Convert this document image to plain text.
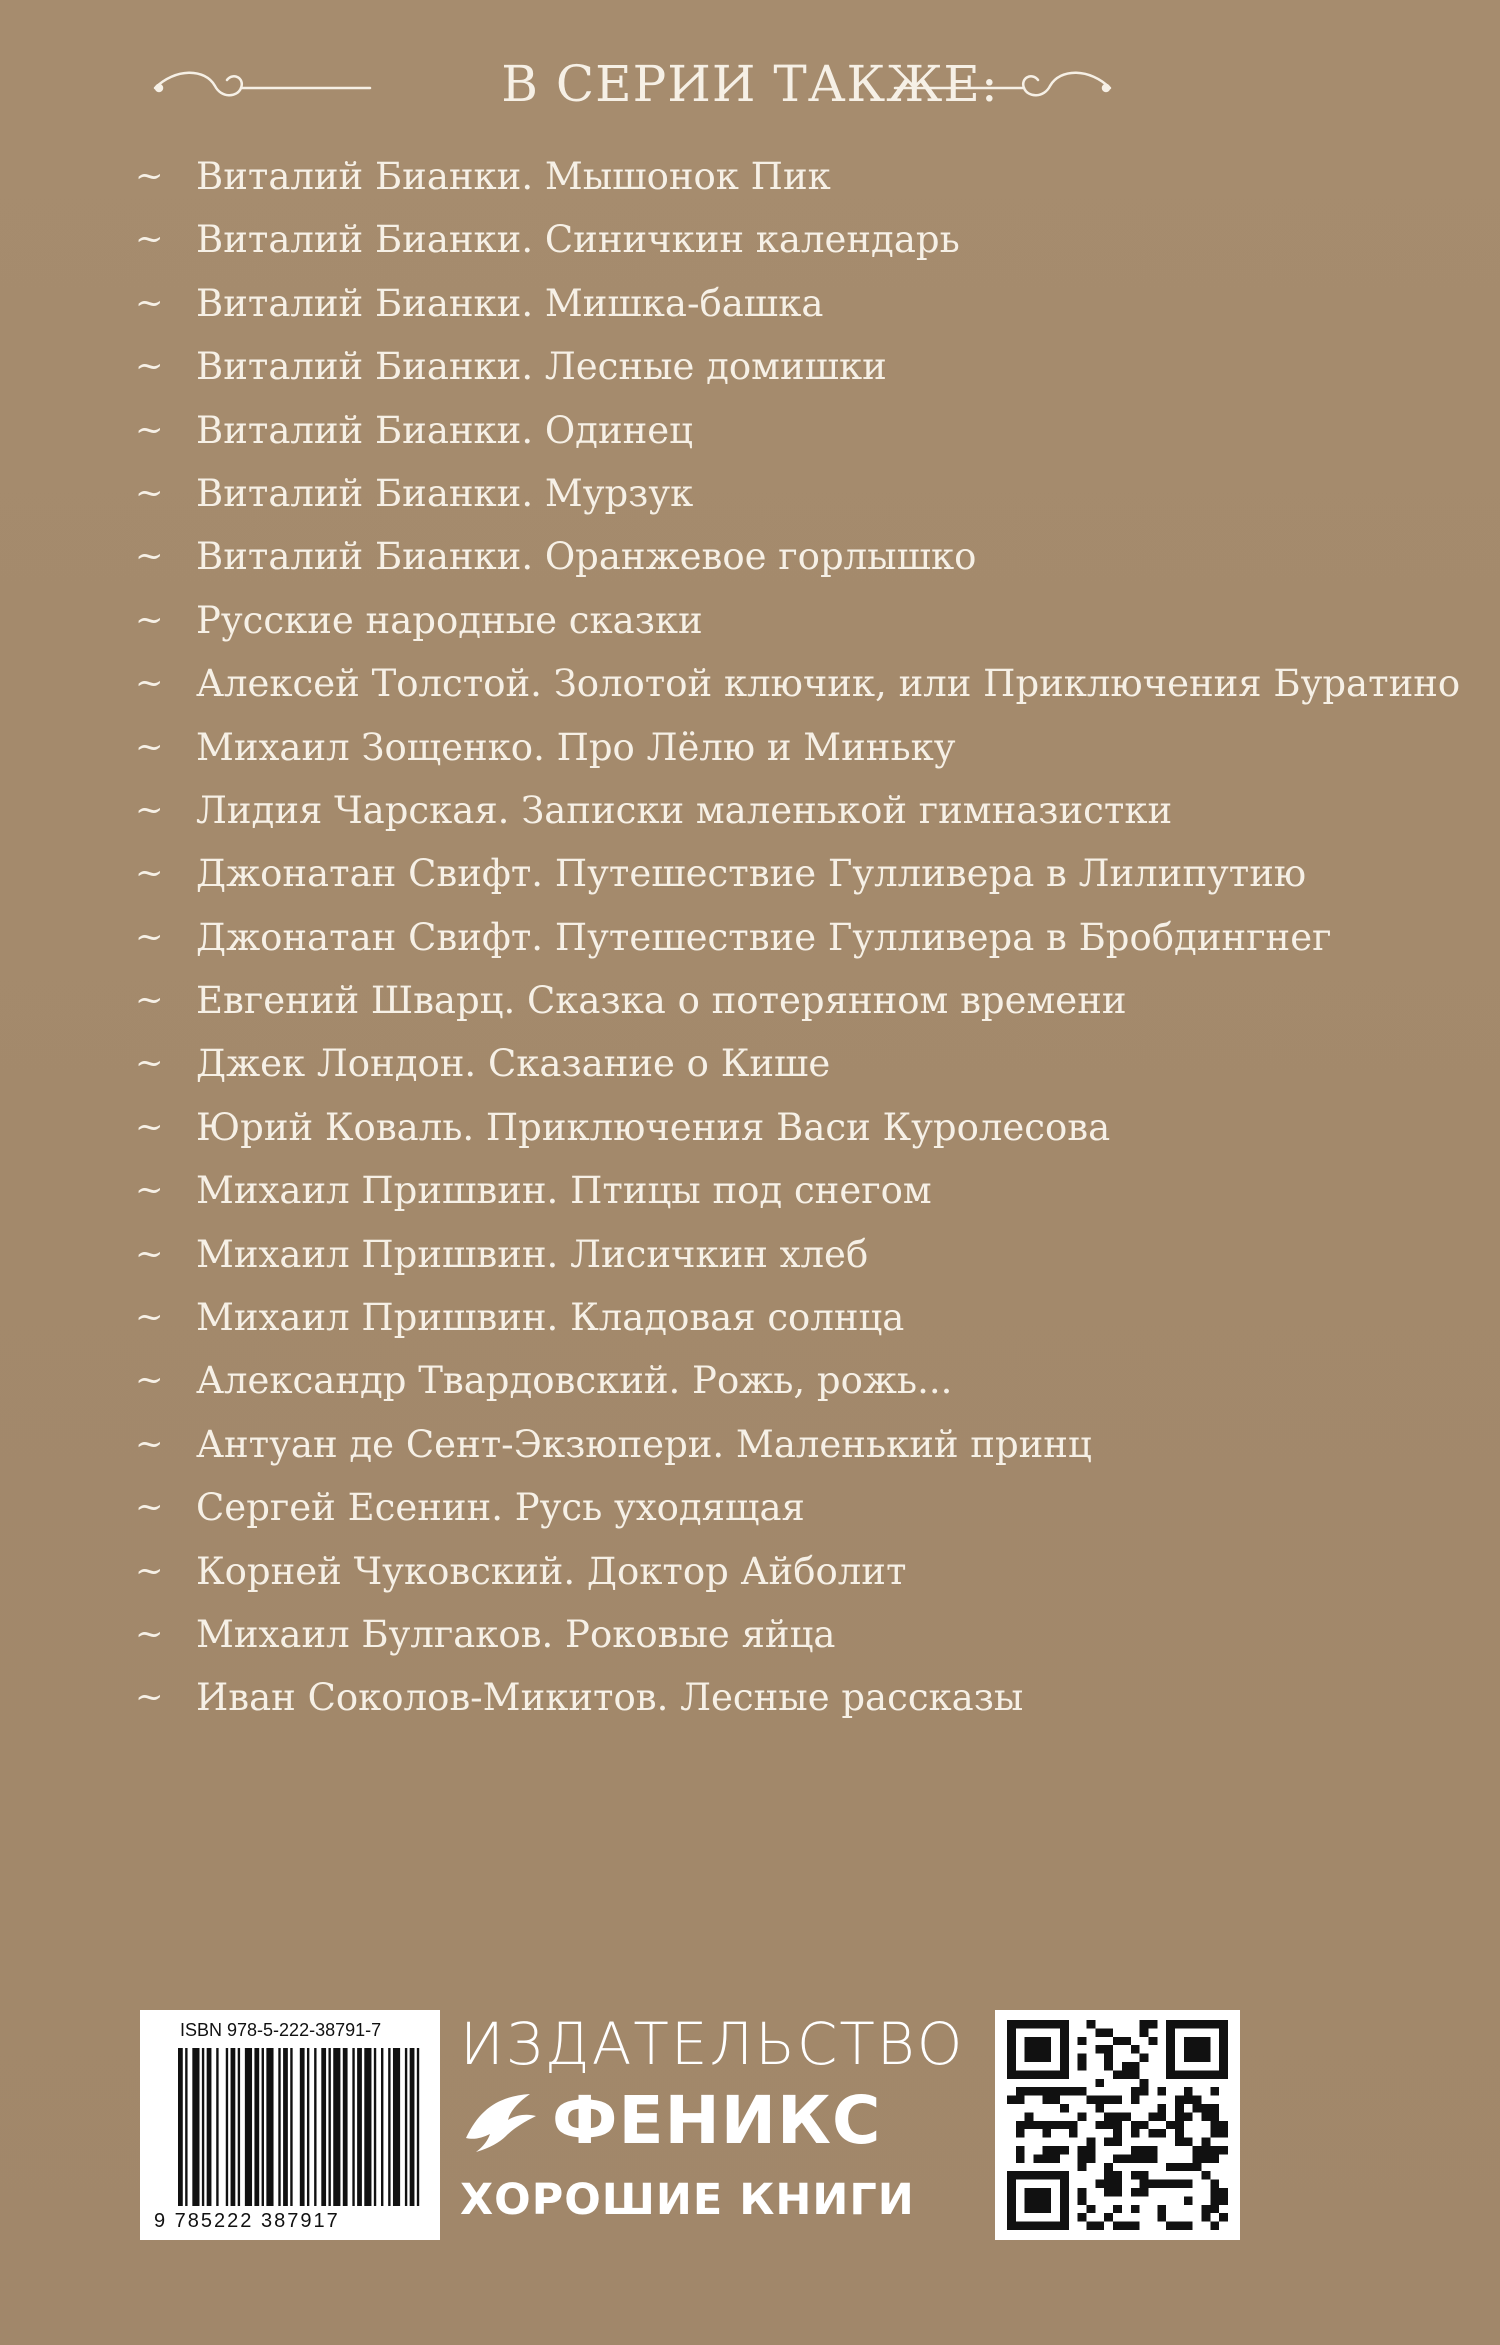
В СЕРИИ ТАКЖЕ:
~ Виталий Бианки. Мышонок Пик
~ Виталий Бианки. Синичкин календарь
~ Виталий Бианки. Мишка-башка
~ Виталий Бианки. Лесные домишки
~ Виталий Бианки. Одинец
~ Виталий Бианки. Мурзук
~ Виталий Бианки. Оранжевое горлышко
~ Русские народные сказки
~ Алексей Толстой. Золотой ключик, или Приключения Буратино
~ Михаил Зощенко. Про Лёлю и Миньку
~ Лидия Чарская. Записки маленькой гимназистки
~ Джонатан Свифт. Путешествие Гулливера в Лилипутию
~ Джонатан Свифт. Путешествие Гулливера в Бробдингнег
~ Евгений Шварц. Сказка о потерянном времени
~ Джек Лондон. Сказание о Кише
~ Юрий Коваль. Приключения Васи Куролесова
~ Михаил Пришвин. Птицы под снегом
~ Михаил Пришвин. Лисичкин хлеб
~ Михаил Пришвин. Кладовая солнца
~ Александр Твардовский. Рожь, рожь...
~ Антуан де Сент-Экзюпери. Маленький принц
~ Сергей Есенин. Русь уходящая
~ Корней Чуковский. Доктор Айболит
~ Михаил Булгаков. Роковые яйца
~ Иван Соколов-Микитов. Лесные рассказы
ISBN 978-5-222-38791-7
9 785222 387917
ИЗДАТЕЛЬСТВО
ФЕНИКС
ХОРОШИЕ КНИГИ
